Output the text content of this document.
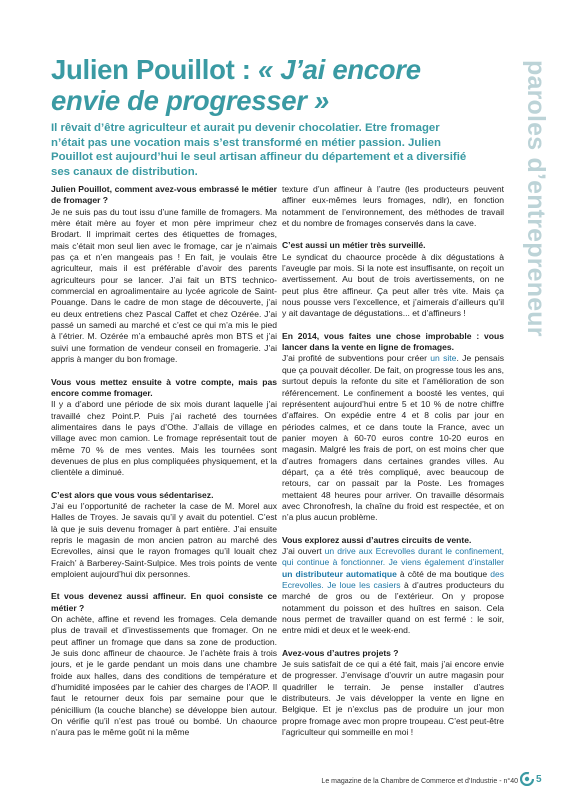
Julien Pouillot : « J’ai encore envie de progresser »

Il rêvait d’être agriculteur et aurait pu devenir chocolatier. Etre fromager n’était pas une vocation mais s’est transformé en métier passion. Julien Pouillot est aujourd’hui le seul artisan affineur du département et a diversifié ses canaux de distribution.	paroles d’entrepreneur

Julien Pouillot, comment avez-vous embrassé le métier de fromager ?

Je ne suis pas du tout issu d’une famille de fromagers. Ma mère était mère au foyer et mon père imprimeur chez Brodart. Il imprimait certes des étiquettes de fromages, mais c’était mon seul lien avec le fromage, car je n’aimais pas ça et n’en mangeais pas ! En fait, je voulais être agriculteur, mais il est préférable d’avoir des parents agriculteurs pour se lancer. J’ai fait un BTS technico-commercial en agroalimentaire au lycée agricole de Saint-Pouange. Dans le cadre de mon stage de découverte, j’ai eu deux entretiens chez Pascal Caffet et chez Ozérée. J’ai passé un samedi au marché et c’est ce qui m’a mis le pied à l’étrier. M. Ozérée m’a embauché après mon BTS et j’ai suivi une formation de vendeur conseil en fromagerie. J’ai appris à manger du bon fromage.

Vous vous mettez ensuite à votre compte, mais pas encore comme fromager.

Il y a d’abord une période de six mois durant laquelle j’ai travaillé chez Point.P. Puis j’ai racheté des tournées alimentaires dans le pays d’Othe. J’allais de village en village avec mon camion. Le fromage représentait tout de même 70 % de mes ventes. Mais les tournées sont devenues de plus en plus compliquées physiquement, et la clientèle a diminué.

C’est alors que vous vous sédentarisez.

J’ai eu l’opportunité de racheter la case de M. Morel aux Halles de Troyes. Je savais qu’il y avait du potentiel. C’est là que je suis devenu fromager à part entière. J’ai ensuite repris le magasin de mon ancien patron au marché des Ecrevolles, ainsi que le rayon fromages qu’il louait chez Fraich’ à Barberey-Saint-Sulpice. Mes trois points de vente emploient aujourd’hui dix personnes.

Et vous devenez aussi affineur. En quoi consiste ce métier ?

On achète, affine et revend les fromages. Cela demande plus de travail et d’investissements que fromager. On ne peut affiner un fromage que dans sa zone de production. Je suis donc affineur de chaource. Je l’achète frais à trois jours, et je le garde pendant un mois dans une chambre froide aux halles, dans des conditions de température et d’humidité imposées par le cahier des charges de l’AOP. Il faut le retourner deux fois par semaine pour que le pénicillium (la couche blanche) se développe bien autour. On vérifie qu’il n’est pas troué ou bombé. Un chaource n’aura pas le même goût ni la même

texture d’un affineur à l’autre (les producteurs peuvent affiner eux-mêmes leurs fromages, ndlr), en fonction notamment de l’environnement, des méthodes de travail et du nombre de fromages conservés dans la cave.

C’est aussi un métier très surveillé.

Le syndicat du chaource procède à dix dégustations à l’aveugle par mois. Si la note est insuffisante, on reçoit un avertissement. Au bout de trois avertissements, on ne peut plus être affineur. Ça peut aller très vite. Mais ça nous pousse vers l’excellence, et j’aimerais d’ailleurs qu’il y ait davantage de dégustations... et d’affineurs !

En 2014, vous faites une chose improbable : vous lancer dans la vente en ligne de fromages.

J’ai profité de subventions pour créer un site. Je pensais que ça pouvait décoller. De fait, on progresse tous les ans, surtout depuis la refonte du site et l’amélioration de son référencement. Le confinement a boosté les ventes, qui représentent aujourd’hui entre 5 et 10 % de notre chiffre d’affaires. On expédie entre 4 et 8 colis par jour en périodes calmes, et ce dans toute la France, avec un panier moyen à 60-70 euros contre 10-20 euros en magasin. Malgré les frais de port, on est moins cher que d’autres fromagers dans certaines grandes villes. Au départ, ça a été très compliqué, avec beaucoup de retours, car on passait par la Poste. Les fromages mettaient 48 heures pour arriver. On travaille désormais avec Chronofresh, la chaîne du froid est respectée, et on n’a plus aucun problème.

Vous explorez aussi d’autres circuits de vente.

J’ai ouvert un drive aux Ecrevolles durant le confinement, qui continue à fonctionner. Je viens également d’installer un distributeur automatique à côté de ma boutique des Ecrevolles. Je loue les casiers à d’autres producteurs du marché de gros ou de l’extérieur. On y propose notamment du poisson et des huîtres en saison. Cela nous permet de travailler quand on est fermé : le soir, entre midi et deux et le week-end.

Avez-vous d’autres projets ?

Je suis satisfait de ce qui a été fait, mais j’ai encore envie de progresser. J’envisage d’ouvrir un autre magasin pour quadriller le terrain. Je pense installer d’autres distributeurs. Je vais développer la vente en ligne en Belgique. Et je n’exclus pas de produire un jour mon propre fromage avec mon propre troupeau. C’est peut-être l’agriculteur qui sommeille en moi !

Le magazine de la Chambre de Commerce et d’Industrie - n°40 5
